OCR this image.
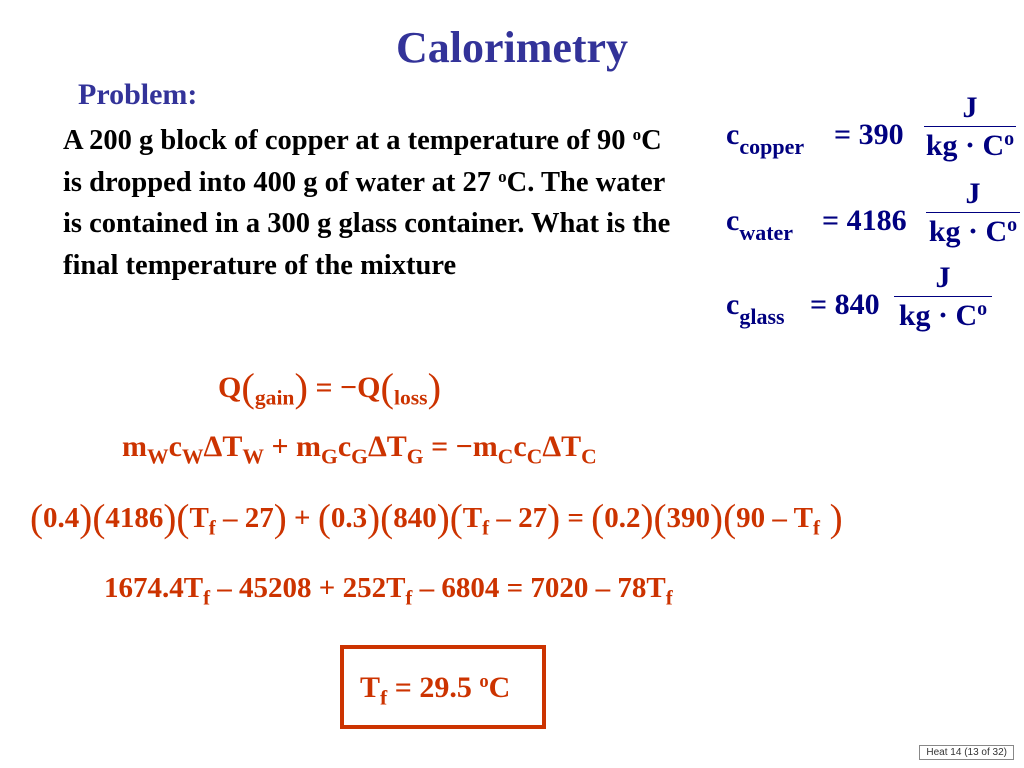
Calorimetry
Problem:
A 200 g block of copper at a temperature of 90 $^o$C is dropped into 400 g of water at 27 $^o$C. The water is contained in a 300 g glass container. What is the final temperature of the mixture
$c_{copper} = 390$
J
kg · $C^o$
$c_{water} = 4186$
J
kg · $C^o$
$c_{glass} = 840$
J
kg · $C^o$
$Q(_{gain}) = -Q(_{loss})$
$m_Wc_W\Delta T_W + m_Gc_G\Delta T_G = -m_Cc_C\Delta T_C$
$(0.4)(4186)(T_f - 27) + (0.3)(840)(T_f - 27) = (0.2)(390)(90 - T_f$ )
$1674.4T_f - 45208 + 252T_f - 6804 = 7020 - 78T_f$
$T_f = 29.5$ $^o$C
Heat 14 (13 of 32)
